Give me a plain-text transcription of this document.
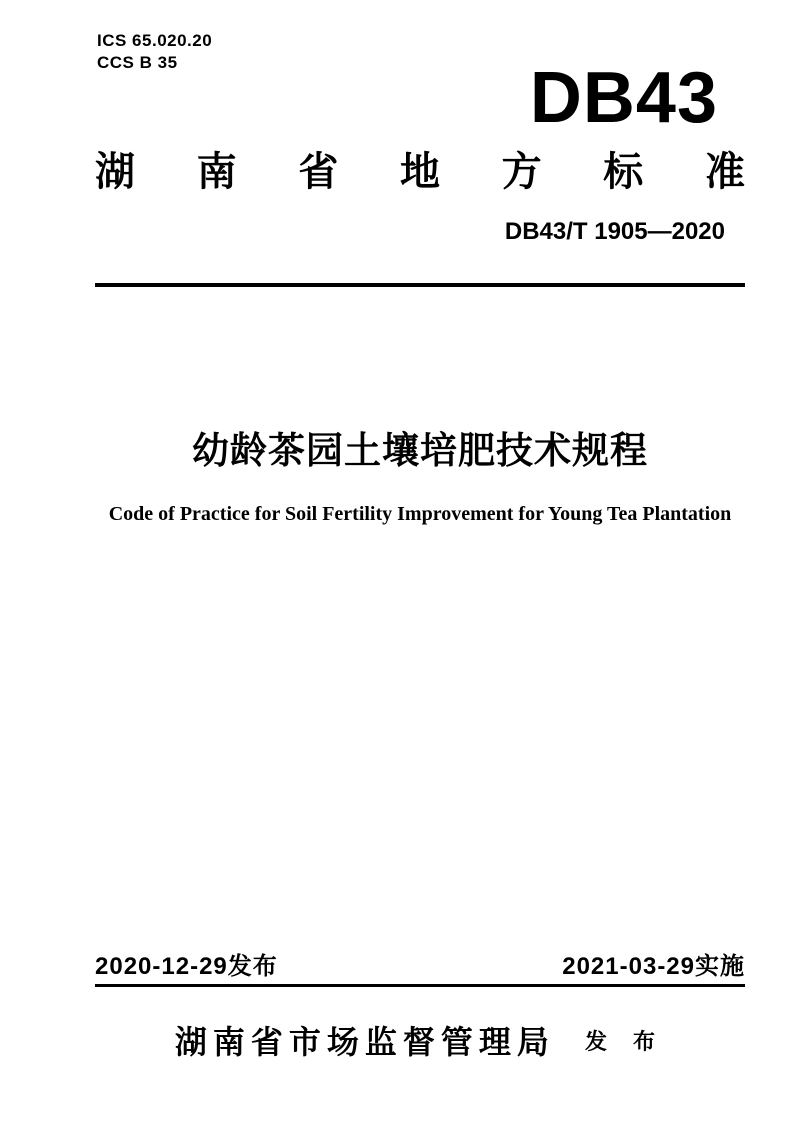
ICS 65.020.20
CCS B 35	DB43
湖 南 省 地 方 标 准
DB43/T 1905—2020
幼龄茶园土壤培肥技术规程
Code of Practice for Soil Fertility Improvement for Young Tea Plantation
2020-12-29发布	2021-03-29实施
湖南省市场监督管理局 发 布
